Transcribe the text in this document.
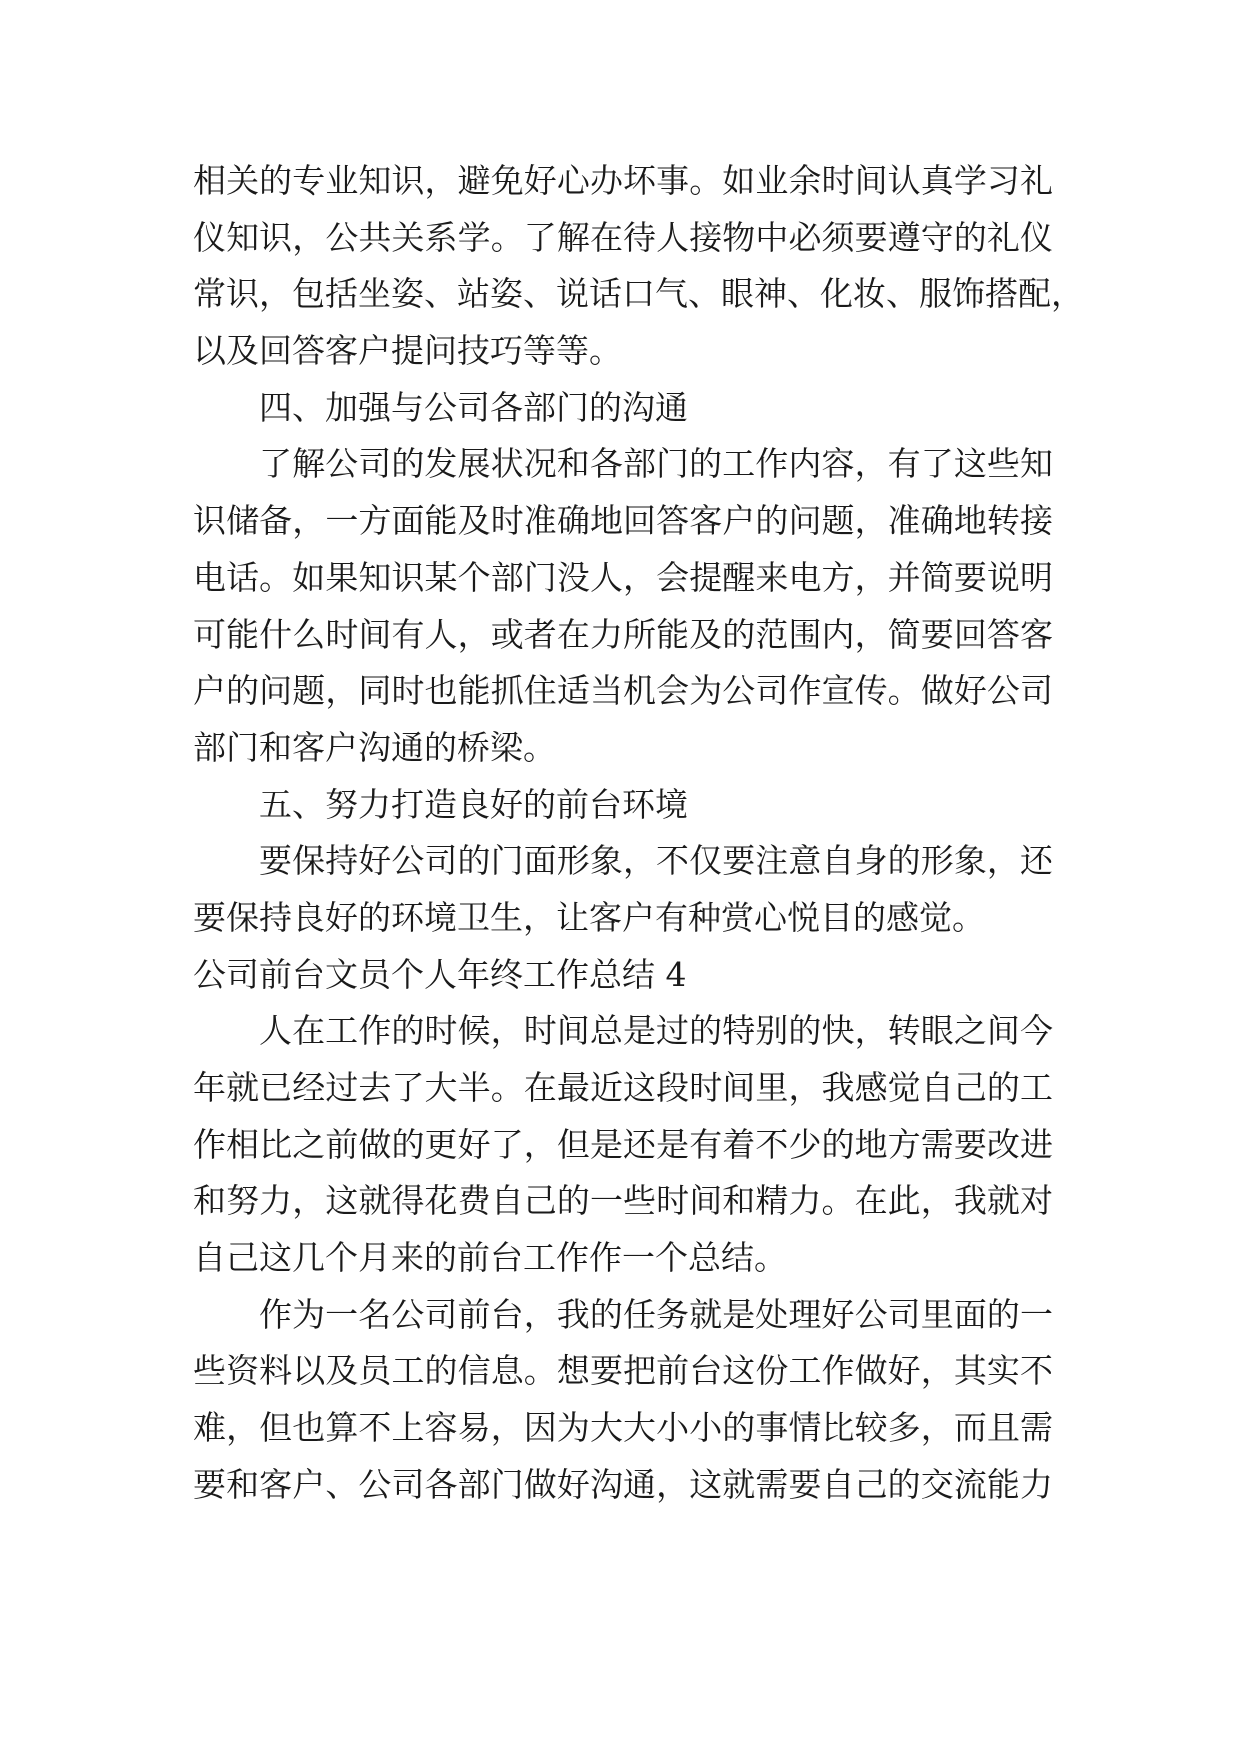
相关的专业知识，避免好心办坏事。如业余时间认真学习礼
仪知识，公共关系学。了解在待人接物中必须要遵守的礼仪
常识，包括坐姿、站姿、说话口气、眼神、化妆、服饰搭配，
以及回答客户提问技巧等等。
四、加强与公司各部门的沟通
了解公司的发展状况和各部门的工作内容，有了这些知
识储备，一方面能及时准确地回答客户的问题，准确地转接
电话。如果知识某个部门没人，会提醒来电方，并简要说明
可能什么时间有人，或者在力所能及的范围内，简要回答客
户的问题，同时也能抓住适当机会为公司作宣传。做好公司
部门和客户沟通的桥梁。
五、努力打造良好的前台环境
要保持好公司的门面形象，不仅要注意自身的形象，还
要保持良好的环境卫生，让客户有种赏心悦目的感觉。
公司前台文员个人年终工作总结 4
人在工作的时候，时间总是过的特别的快，转眼之间今
年就已经过去了大半。在最近这段时间里，我感觉自己的工
作相比之前做的更好了，但是还是有着不少的地方需要改进
和努力，这就得花费自己的一些时间和精力。在此，我就对
自己这几个月来的前台工作作一个总结。
作为一名公司前台，我的任务就是处理好公司里面的一
些资料以及员工的信息。想要把前台这份工作做好，其实不
难，但也算不上容易，因为大大小小的事情比较多，而且需
要和客户、公司各部门做好沟通，这就需要自己的交流能力
